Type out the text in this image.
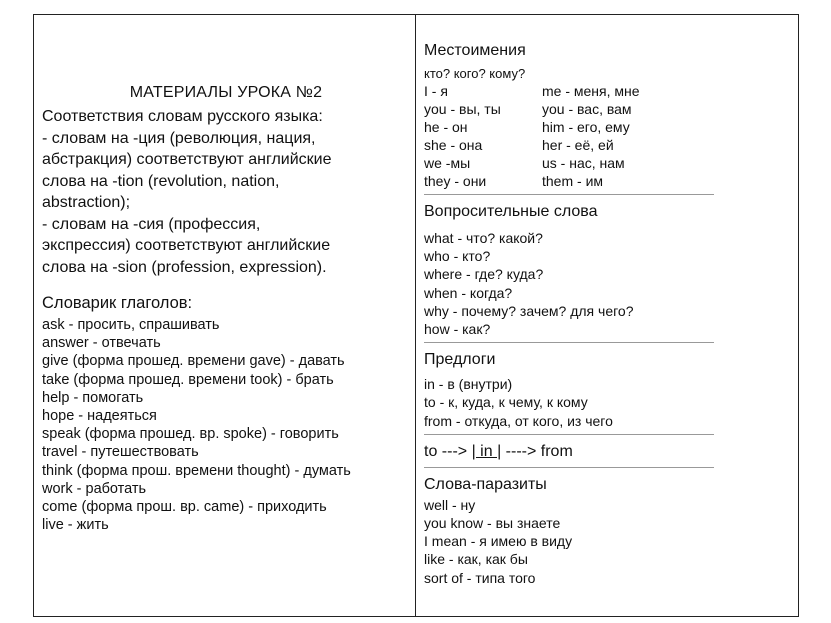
МАТЕРИАЛЫ УРОКА №2
Соответствия словам русского языка:
- словам на -ция (революция, нация,
абстракция) соответствуют английские
слова на -tion (revolution, nation,
abstraction);
- словам на -сия (профессия,
экспрессия) соответствуют английские
слова на -sion (profession, expression).
Словарик глаголов:
ask - просить, спрашивать
answer - отвечать
give (форма прошед. времени gave) - давать
take (форма прошед. времени took) - брать
help - помогать
hope - надеяться
speak (форма прошед. вр. spoke) - говорить
travel - путешествовать
think (форма прош. времени thought) - думать
work - работать
come (форма прош. вр. came) - приходить
live - жить
Местоимения
кто? кого? кому?
I - я	me - меня, мне
you - вы, ты	you - вас, вам
he - он	him - его, ему
she - она	her - её, ей
we -мы	us - нас, нам
they - они	them - им
Вопросительные слова
what - что? какой?
who - кто?
where - где? куда?
when - когда?
why - почему? зачем? для чего?
how - как?
Предлоги
in - в (внутри)
to - к, куда, к чему, к кому
from - откуда, от кого, из чего
to ---> | in | ----> from
Слова-паразиты
well - ну
you know - вы знаете
I mean - я имею в виду
like - как, как бы
sort of - типа того
